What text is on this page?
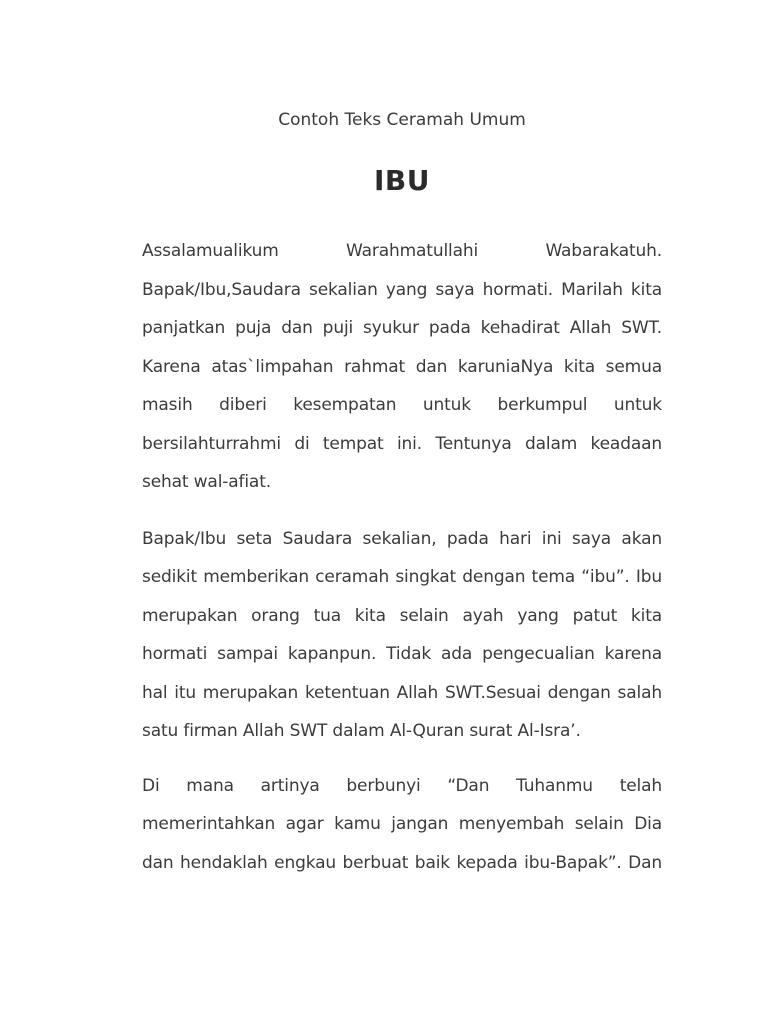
Contoh Teks Ceramah Umum

IBU
Assalamualikum Warahmatullahi Wabarakatuh.
Bapak/Ibu,Saudara sekalian yang saya hormati. Marilah kita
panjatkan puja dan puji syukur pada kehadirat Allah SWT.
Karena atas`limpahan rahmat dan karuniaNya kita semua
masih diberi kesempatan untuk berkumpul untuk
bersilahturrahmi di tempat ini. Tentunya dalam keadaan
sehat wal-afiat.
Bapak/Ibu seta Saudara sekalian, pada hari ini saya akan
sedikit memberikan ceramah singkat dengan tema “ibu”. Ibu
merupakan orang tua kita selain ayah yang patut kita
hormati sampai kapanpun. Tidak ada pengecualian karena
hal itu merupakan ketentuan Allah SWT.Sesuai dengan salah
satu firman Allah SWT dalam Al-Quran surat Al-Isra’.
Di mana artinya berbunyi “Dan Tuhanmu telah
memerintahkan agar kamu jangan menyembah selain Dia
dan hendaklah engkau berbuat baik kepada ibu-Bapak”. Dan
